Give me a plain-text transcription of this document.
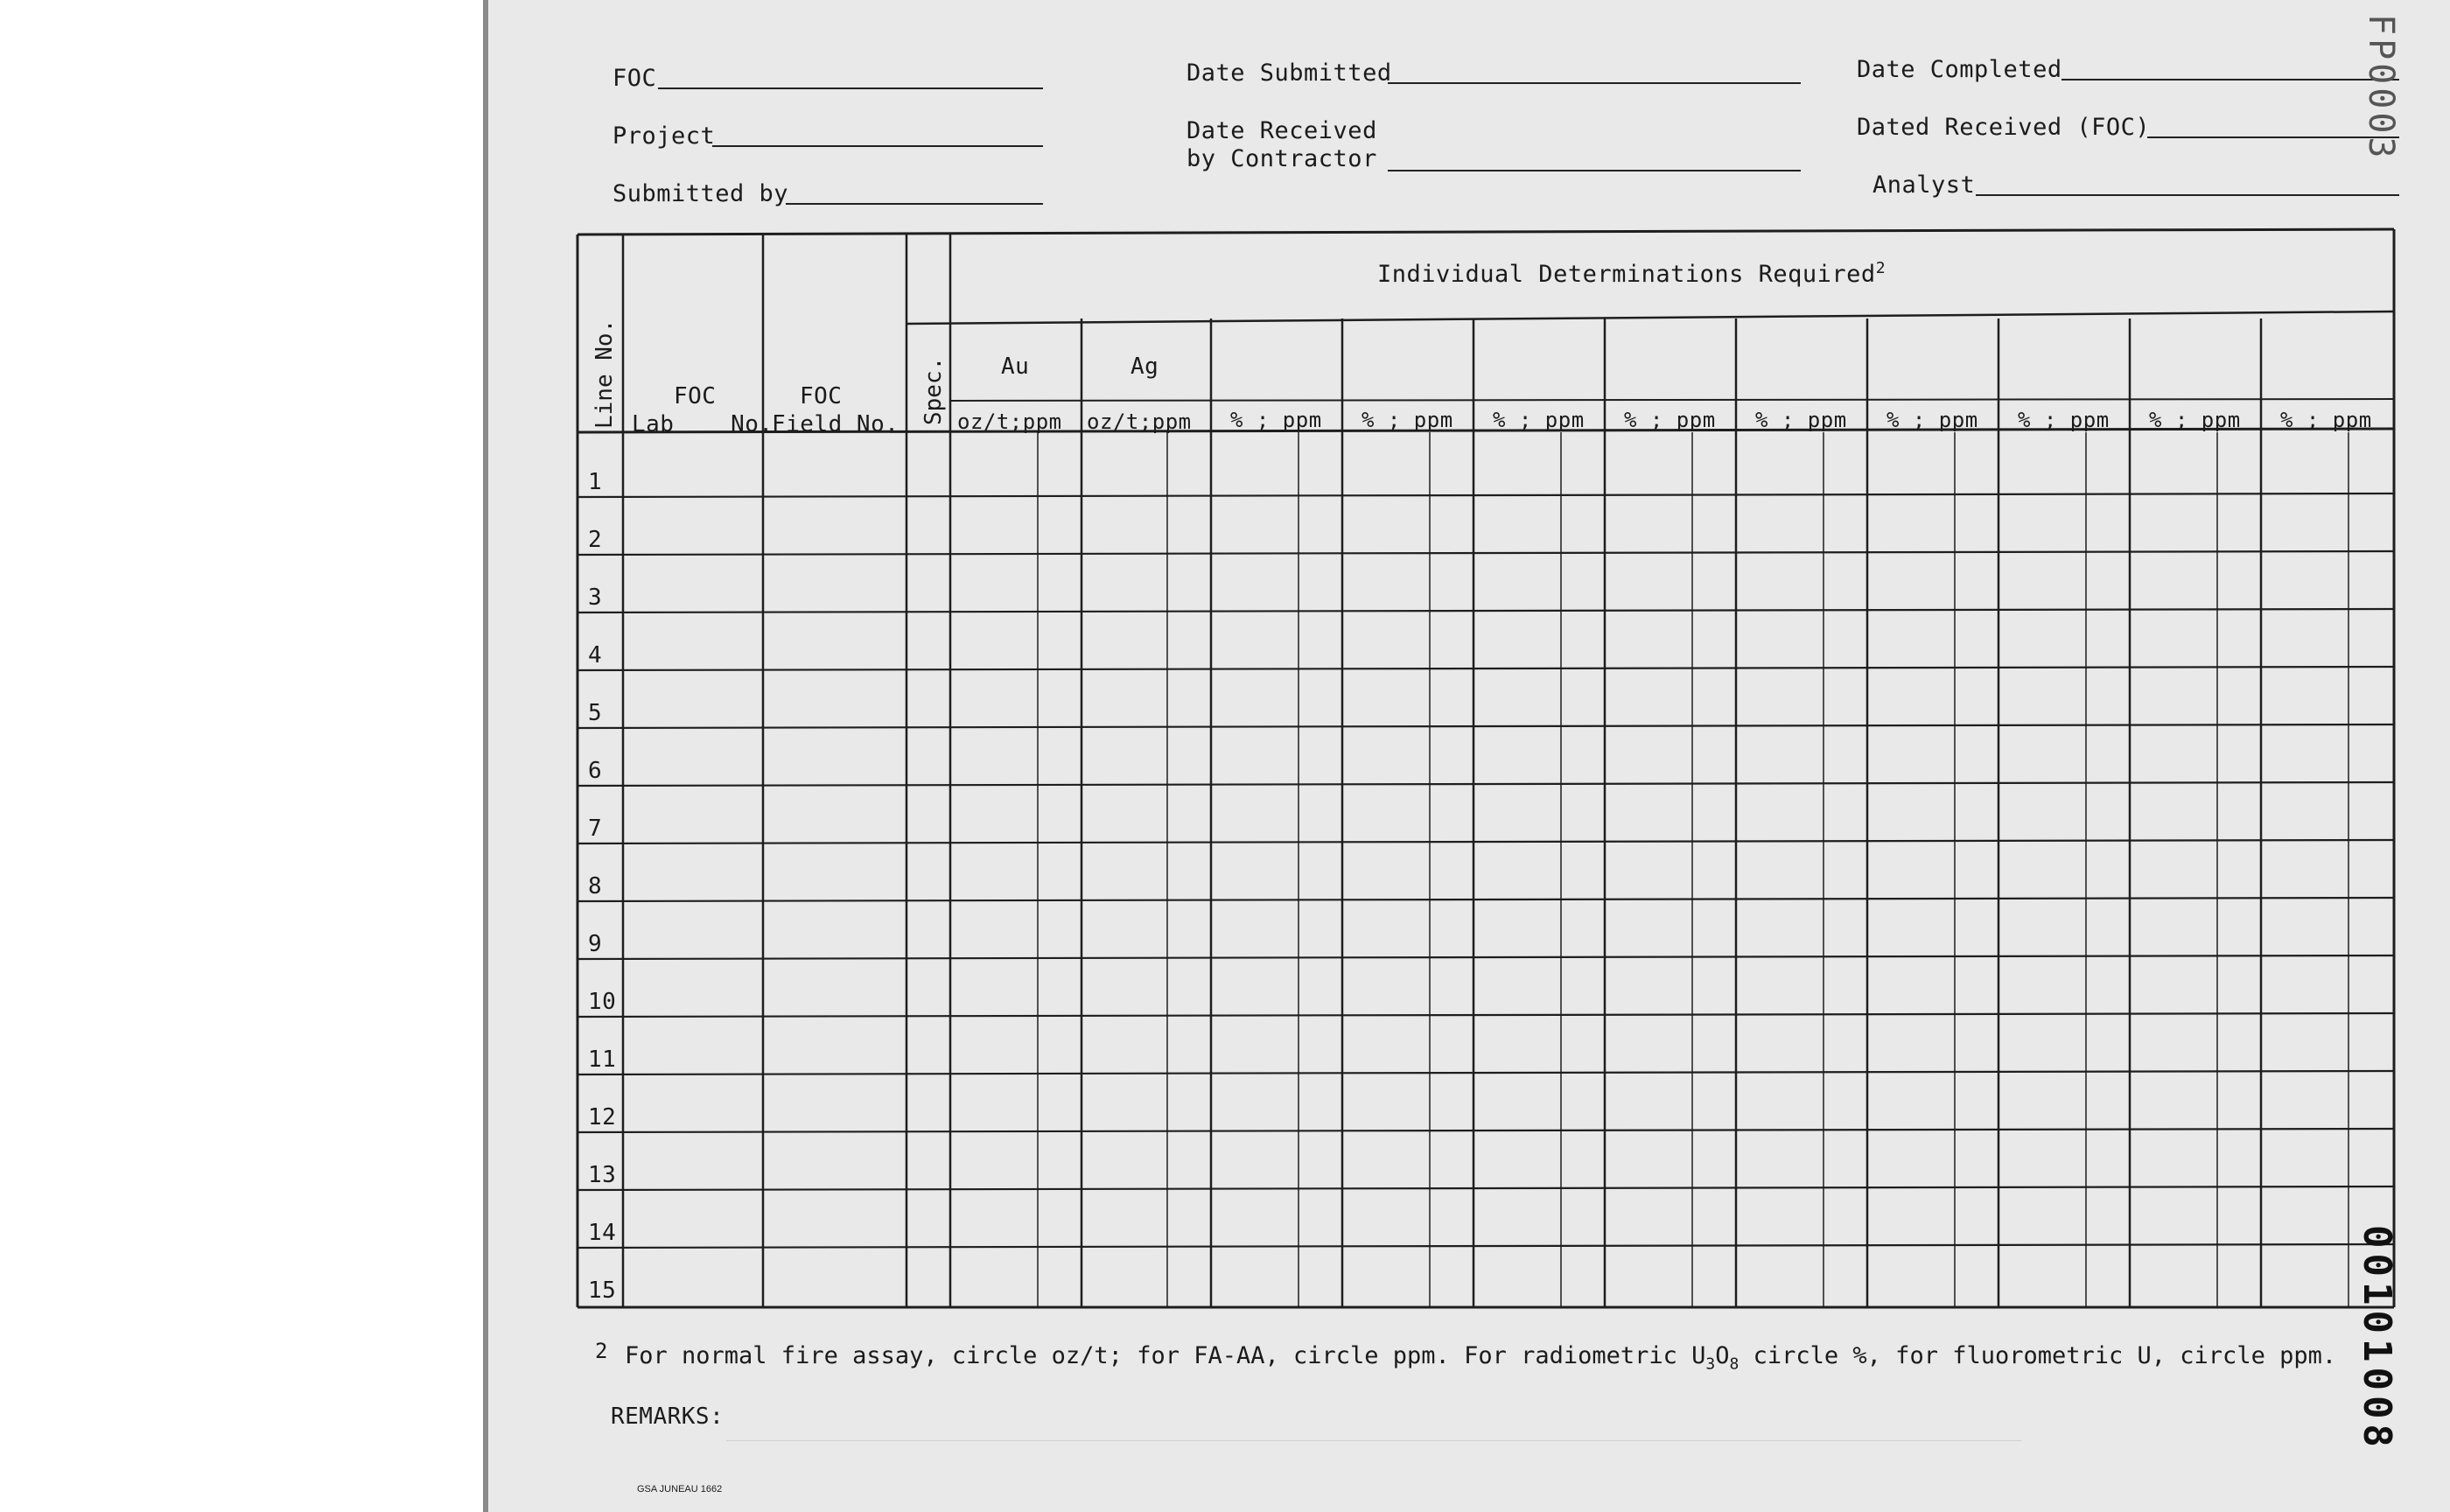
FOC
Project
Submitted by
Date Submitted
Date Received
by Contractor
Date Completed
Dated Received (FOC)
Analyst
Line No. FOC
Lab    No.
FOC
Field No. Spec.
Individual Determinations Required$^2$
Au	Ag
oz/t;ppm oz/t;ppm % ; ppm % ; ppm % ; ppm % ; ppm % ; ppm % ; ppm % ; ppm % ; ppm % ; ppm
1
2
3
4
5
6
7
8
9
10
11
12
13
14
15
2 For normal fire assay, circle oz/t; for FA-AA, circle ppm. For radiometric $U_3O_8$ circle %, for fluorometric U, circle ppm.
REMARKS:
GSA JUNEAU 1662
FP0003
00101008
